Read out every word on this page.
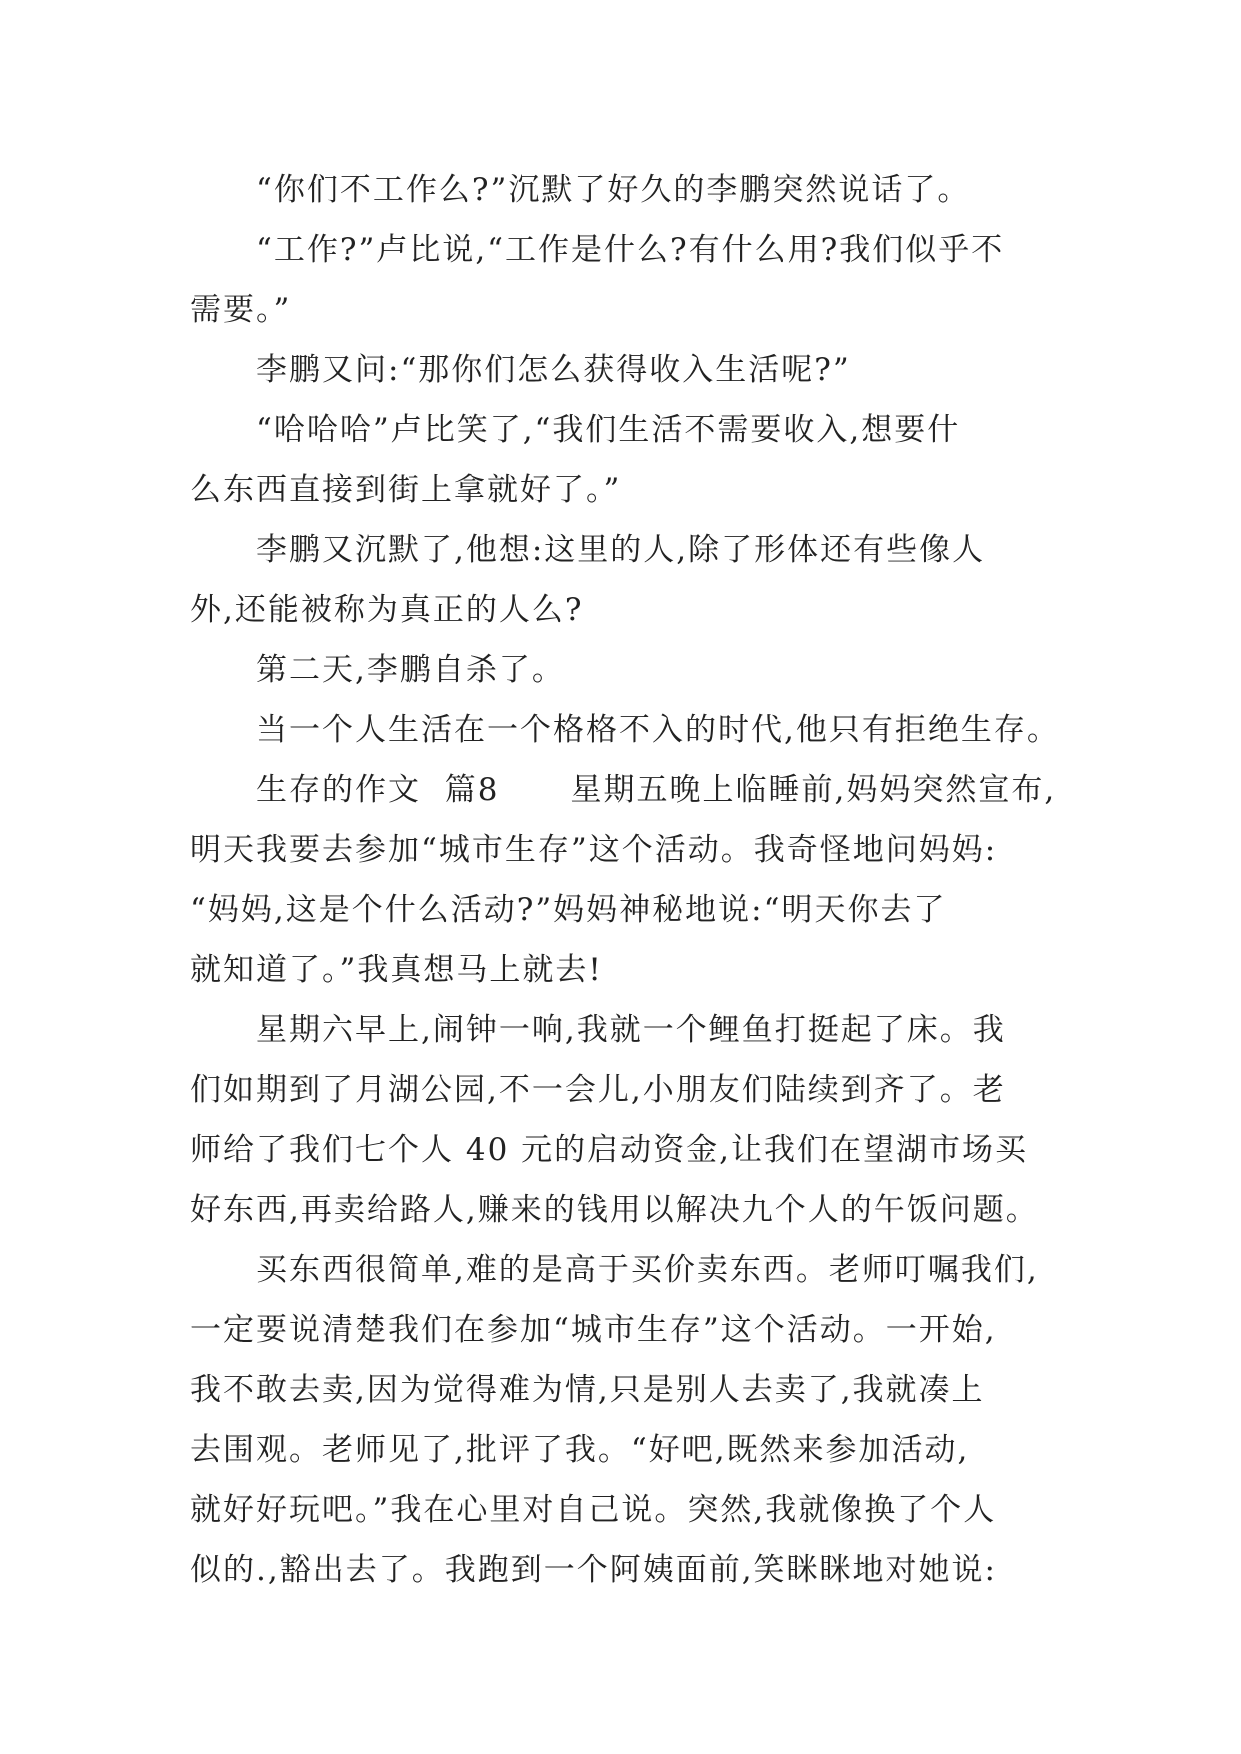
“你们不工作么?”沉默了好久的李鹏突然说话了。
“工作?”卢比说,“工作是什么?有什么用?我们似乎不
需要。”
李鹏又问:“那你们怎么获得收入生活呢?”
“哈哈哈”卢比笑了,“我们生活不需要收入,想要什
么东西直接到街上拿就好了。”
李鹏又沉默了,他想:这里的人,除了形体还有些像人
外,还能被称为真正的人么?
第二天,李鹏自杀了。
当一个人生活在一个格格不入的时代,他只有拒绝生存。
生存的作文  篇8      星期五晚上临睡前,妈妈突然宣布,
明天我要去参加“城市生存”这个活动。我奇怪地问妈妈:
“妈妈,这是个什么活动?”妈妈神秘地说:“明天你去了
就知道了。”我真想马上就去!
星期六早上,闹钟一响,我就一个鲤鱼打挺起了床。我
们如期到了月湖公园,不一会儿,小朋友们陆续到齐了。老
师给了我们七个人 40 元的启动资金,让我们在望湖市场买
好东西,再卖给路人,赚来的钱用以解决九个人的午饭问题。
买东西很简单,难的是高于买价卖东西。老师叮嘱我们,
一定要说清楚我们在参加“城市生存”这个活动。一开始,
我不敢去卖,因为觉得难为情,只是别人去卖了,我就凑上
去围观。老师见了,批评了我。“好吧,既然来参加活动,
就好好玩吧。”我在心里对自己说。突然,我就像换了个人
似的.,豁出去了。我跑到一个阿姨面前,笑眯眯地对她说:
